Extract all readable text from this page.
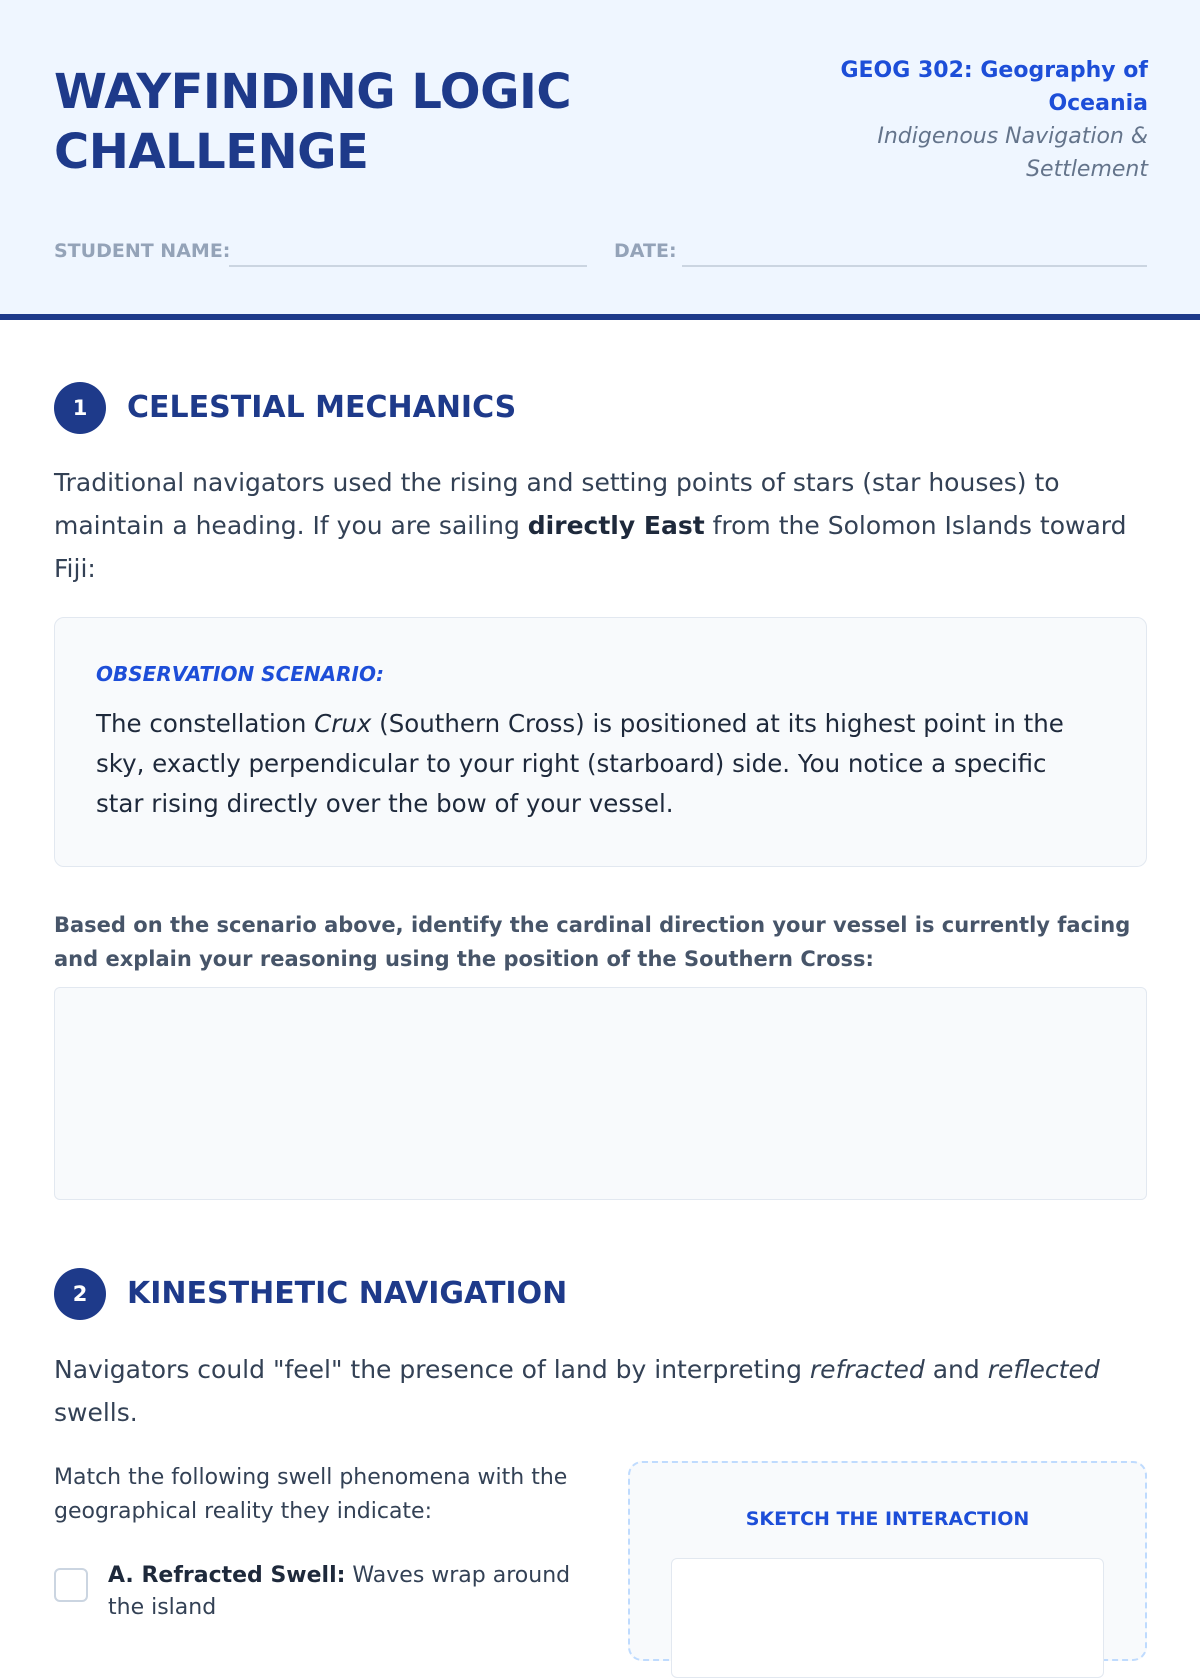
WAYFINDING LOGIC CHALLENGE
GEOG 302: Geography of Oceania
Indigenous Navigation & Settlement
STUDENT NAME:	DATE:
1	CELESTIAL MECHANICS
Traditional navigators used the rising and setting points of stars (star houses) to maintain a heading. If you are sailing directly East from the Solomon Islands toward Fiji:
OBSERVATION SCENARIO:
The constellation Crux (Southern Cross) is positioned at its highest point in the sky, exactly perpendicular to your right (starboard) side. You notice a specific star rising directly over the bow of your vessel.
Based on the scenario above, identify the cardinal direction your vessel is currently facing and explain your reasoning using the position of the Southern Cross:
2	KINESTHETIC NAVIGATION
Navigators could "feel" the presence of land by interpreting refracted and reflected swells.
Match the following swell phenomena with the geographical reality they indicate:
A. Refracted Swell: Waves wrap around the island
SKETCH THE INTERACTION
